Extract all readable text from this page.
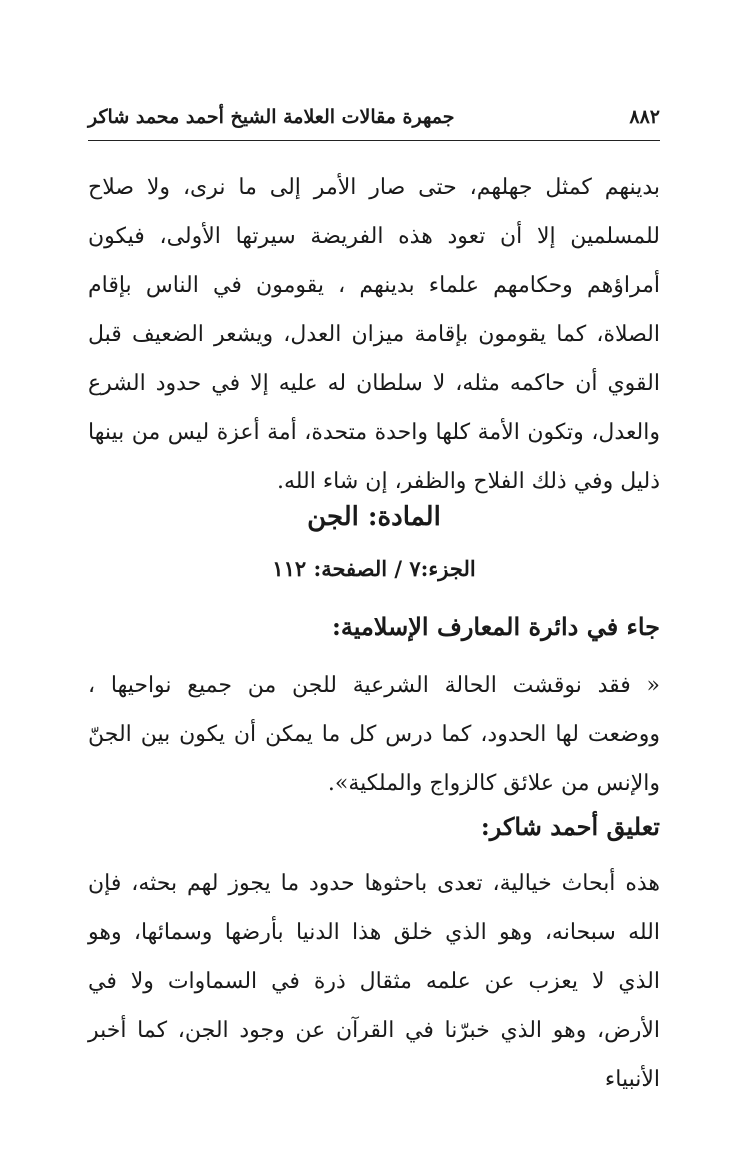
٨٨٢
جمهرة مقالات العلامة الشيخ أحمد محمد شاكر

بدينهم كمثل جهلهم، حتى صار الأمر إلى ما نرى، ولا صلاح للمسلمين إلا أن تعود هذه الفريضة سيرتها الأولى، فيكون أمراؤهم وحكامهم علماء بدينهم ، يقومون في الناس بإقام الصلاة، كما يقومون بإقامة ميزان العدل، ويشعر الضعيف قبل القوي أن حاكمه مثله، لا سلطان له عليه إلا في حدود الشرع والعدل، وتكون الأمة كلها واحدة متحدة، أمة أعزة ليس من بينها ذليل وفي ذلك الفلاح والظفر، إن شاء الله.

المادة: الجن
الجزء:٧ / الصفحة: ١١٢
جاء في دائرة المعارف الإسلامية:

« فقد نوقشت الحالة الشرعية للجن من جميع نواحيها ، ووضعت لها الحدود، كما درس كل ما يمكن أن يكون بين الجنّ والإنس من علائق كالزواج والملكية».

تعليق أحمد شاكر:

هذه أبحاث خيالية، تعدى باحثوها حدود ما يجوز لهم بحثه، فإن الله سبحانه، وهو الذي خلق هذا الدنيا بأرضها وسمائها، وهو الذي لا يعزب عن علمه مثقال ذرة في السماوات ولا في الأرض، وهو الذي خبرّنا في القرآن عن وجود الجن، كما أخبر الأنبياء
